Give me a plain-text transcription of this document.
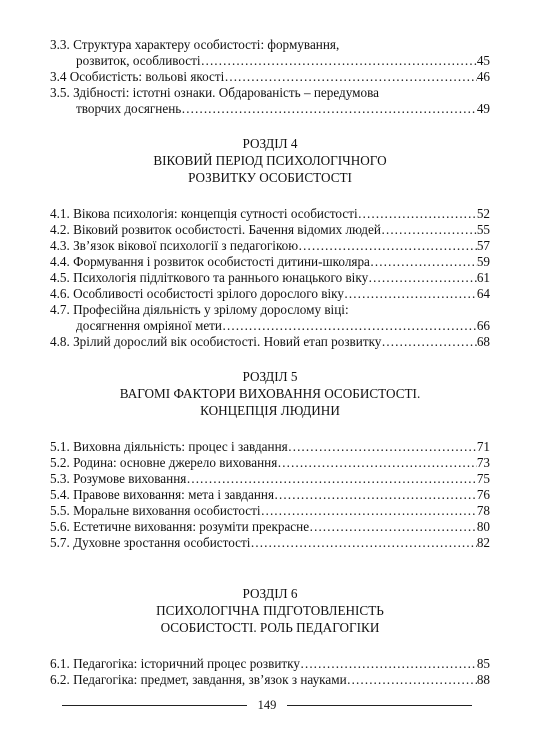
3.3. Структура характеру особистості: формування,
розвиток, особливості ……………………………………………………………………………………………………………………………………	45
3.4 Особистість: вольові якості ……………………………………………………………………………………………………………………………………	46
3.5. Здібності: істотні ознаки. Обдарованість – передумова
творчих досягнень ……………………………………………………………………………………………………………………………………	49
РОЗДІЛ 4
ВІКОВИЙ ПЕРІОД ПСИХОЛОГІЧНОГО
РОЗВИТКУ ОСОБИСТОСТІ
4.1. Вікова психологія: концепція сутності особистості ……………………………………………………………………………………………………………………………………	52
4.2. Віковий розвиток особистості. Бачення відомих людей ……………………………………………………………………………………………………………………………………	55
4.3. Зв’язок вікової психології з педагогікою ……………………………………………………………………………………………………………………………………	57
4.4. Формування і розвиток особистості дитини-школяра ……………………………………………………………………………………………………………………………………	59
4.5. Психологія підліткового та раннього юнацького віку ……………………………………………………………………………………………………………………………………	61
4.6. Особливості особистості зрілого дорослого віку ……………………………………………………………………………………………………………………………………	64
4.7. Професійна діяльність у зрілому дорослому віці:
досягнення омріяної мети ……………………………………………………………………………………………………………………………………	66
4.8. Зрілий дорослий вік особистості. Новий етап розвитку ……………………………………………………………………………………………………………………………………	68
РОЗДІЛ 5
ВАГОМІ ФАКТОРИ ВИХОВАННЯ ОСОБИСТОСТІ.
КОНЦЕПЦІЯ ЛЮДИНИ
5.1. Виховна діяльність: процес і завдання ……………………………………………………………………………………………………………………………………	71
5.2. Родина: основне джерело виховання ……………………………………………………………………………………………………………………………………	73
5.3. Розумове виховання ……………………………………………………………………………………………………………………………………	75
5.4. Правове виховання: мета і завдання ……………………………………………………………………………………………………………………………………	76
5.5. Моральне виховання особистості ……………………………………………………………………………………………………………………………………	78
5.6. Естетичне виховання: розуміти прекрасне ……………………………………………………………………………………………………………………………………	80
5.7. Духовне зростання особистості ……………………………………………………………………………………………………………………………………	82
РОЗДІЛ 6
ПСИХОЛОГІЧНА ПІДГОТОВЛЕНІСТЬ
ОСОБИСТОСТІ. РОЛЬ ПЕДАГОГІКИ
6.1. Педагогіка: історичний процес розвитку ……………………………………………………………………………………………………………………………………	85
6.2. Педагогіка: предмет, завдання, зв’язок з науками ……………………………………………………………………………………………………………………………………	88
149
